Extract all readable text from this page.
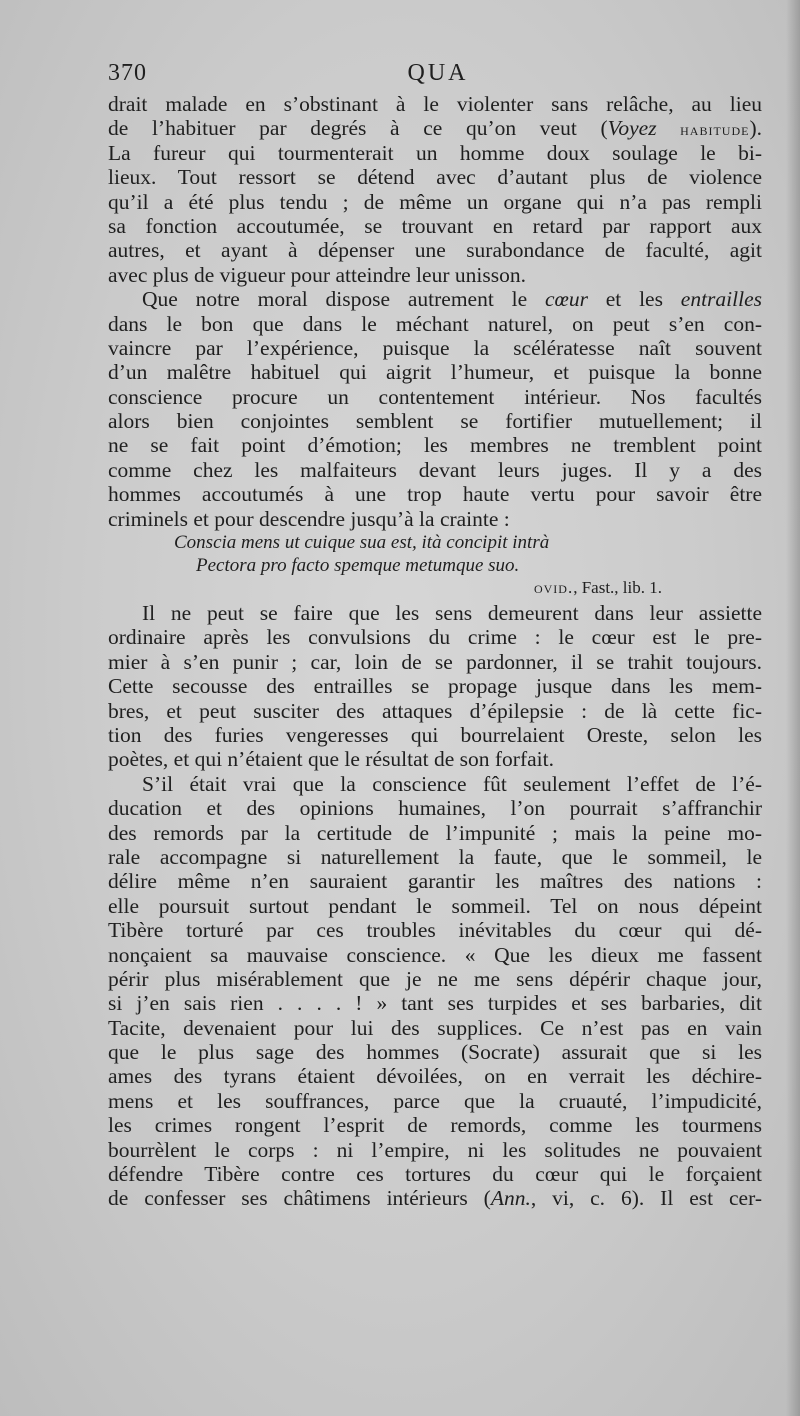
370	QUA
drait malade en s’obstinant à le violenter sans relâche, au lieu
de l’habituer par degrés à ce qu’on veut (Voyez habitude).
La fureur qui tourmenterait un homme doux soulage le bi-
lieux. Tout ressort se détend avec d’autant plus de violence
qu’il a été plus tendu ; de même un organe qui n’a pas rempli
sa fonction accoutumée, se trouvant en retard par rapport aux
autres, et ayant à dépenser une surabondance de faculté, agit
avec plus de vigueur pour atteindre leur unisson.
Que notre moral dispose autrement le cœur et les entrailles
dans le bon que dans le méchant naturel, on peut s’en con-
vaincre par l’expérience, puisque la scélératesse naît souvent
d’un malêtre habituel qui aigrit l’humeur, et puisque la bonne
conscience procure un contentement intérieur. Nos facultés
alors bien conjointes semblent se fortifier mutuellement; il
ne se fait point d’émotion; les membres ne tremblent point
comme chez les malfaiteurs devant leurs juges. Il y a des
hommes accoutumés à une trop haute vertu pour savoir être
criminels et pour descendre jusqu’à la crainte :
Conscia mens ut cuique sua est, ità concipit intrà
Pectora pro facto spemque metumque suo.
ovid., Fast., lib. 1.
Il ne peut se faire que les sens demeurent dans leur assiette
ordinaire après les convulsions du crime : le cœur est le pre-
mier à s’en punir ; car, loin de se pardonner, il se trahit toujours.
Cette secousse des entrailles se propage jusque dans les mem-
bres, et peut susciter des attaques d’épilepsie : de là cette fic-
tion des furies vengeresses qui bourrelaient Oreste, selon les
poètes, et qui n’étaient que le résultat de son forfait.
S’il était vrai que la conscience fût seulement l’effet de l’é-
ducation et des opinions humaines, l’on pourrait s’affranchir
des remords par la certitude de l’impunité ; mais la peine mo-
rale accompagne si naturellement la faute, que le sommeil, le
délire même n’en sauraient garantir les maîtres des nations :
elle poursuit surtout pendant le sommeil. Tel on nous dépeint
Tibère torturé par ces troubles inévitables du cœur qui dé-
nonçaient sa mauvaise conscience. « Que les dieux me fassent
périr plus misérablement que je ne me sens dépérir chaque jour,
si j’en sais rien . . . . ! » tant ses turpides et ses barbaries, dit
Tacite, devenaient pour lui des supplices. Ce n’est pas en vain
que le plus sage des hommes (Socrate) assurait que si les
ames des tyrans étaient dévoilées, on en verrait les déchire-
mens et les souffrances, parce que la cruauté, l’impudicité,
les crimes rongent l’esprit de remords, comme les tourmens
bourrèlent le corps : ni l’empire, ni les solitudes ne pouvaient
défendre Tibère contre ces tortures du cœur qui le forçaient
de confesser ses châtimens intérieurs (Ann., vi, c. 6). Il est cer-
